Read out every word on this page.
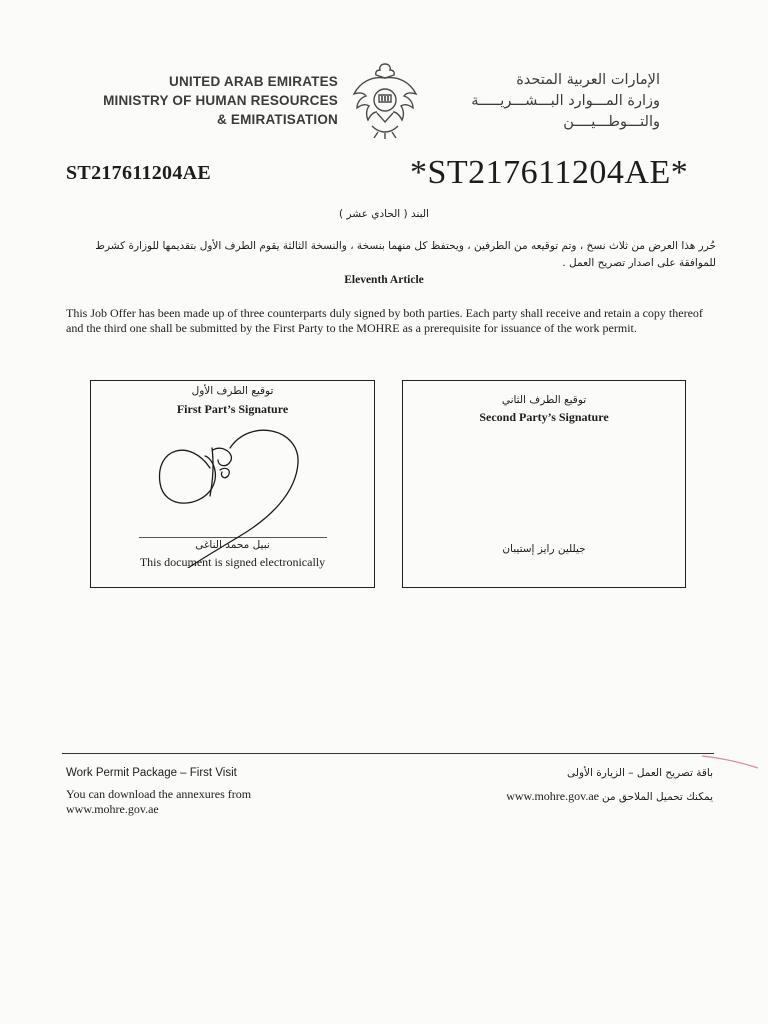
UNITED ARAB EMIRATES
MINISTRY OF HUMAN RESOURCES
& EMIRATISATION
الإمارات العربية المتحدة
وزارة المـــوارد البـــشـــريـــــة
والتـــوطـــيــــن
ST217611204AE	*ST217611204AE*
البند ( الحادي عشر )
حُرر هذا العرض من ثلاث نسخ ، وتم توقيعه من الطرفين ، ويحتفظ كل منهما بنسخة ، والنسخة الثالثة يقوم الطرف الأول بتقديمها للوزارة كشرط للموافقة على اصدار تصريح العمل .
Eleventh Article
This Job Offer has been made up of three counterparts duly signed by both parties. Each party shall receive and retain a copy thereof and the third one shall be submitted by the First Party to the MOHRE as a prerequisite for issuance of the work permit.
توقيع الطرف الأول
First Part’s Signature
نبيل محمد الناغى
This document is signed electronically
توقيع الطرف الثاني
Second Party’s Signature
جيللين رايز إستيبان
Work Permit Package – First Visit
You can download the annexures from
www.mohre.gov.ae
باقة تصريح العمل – الزيارة الأولى
www.mohre.gov.ae يمكنك تحميل الملاحق من
